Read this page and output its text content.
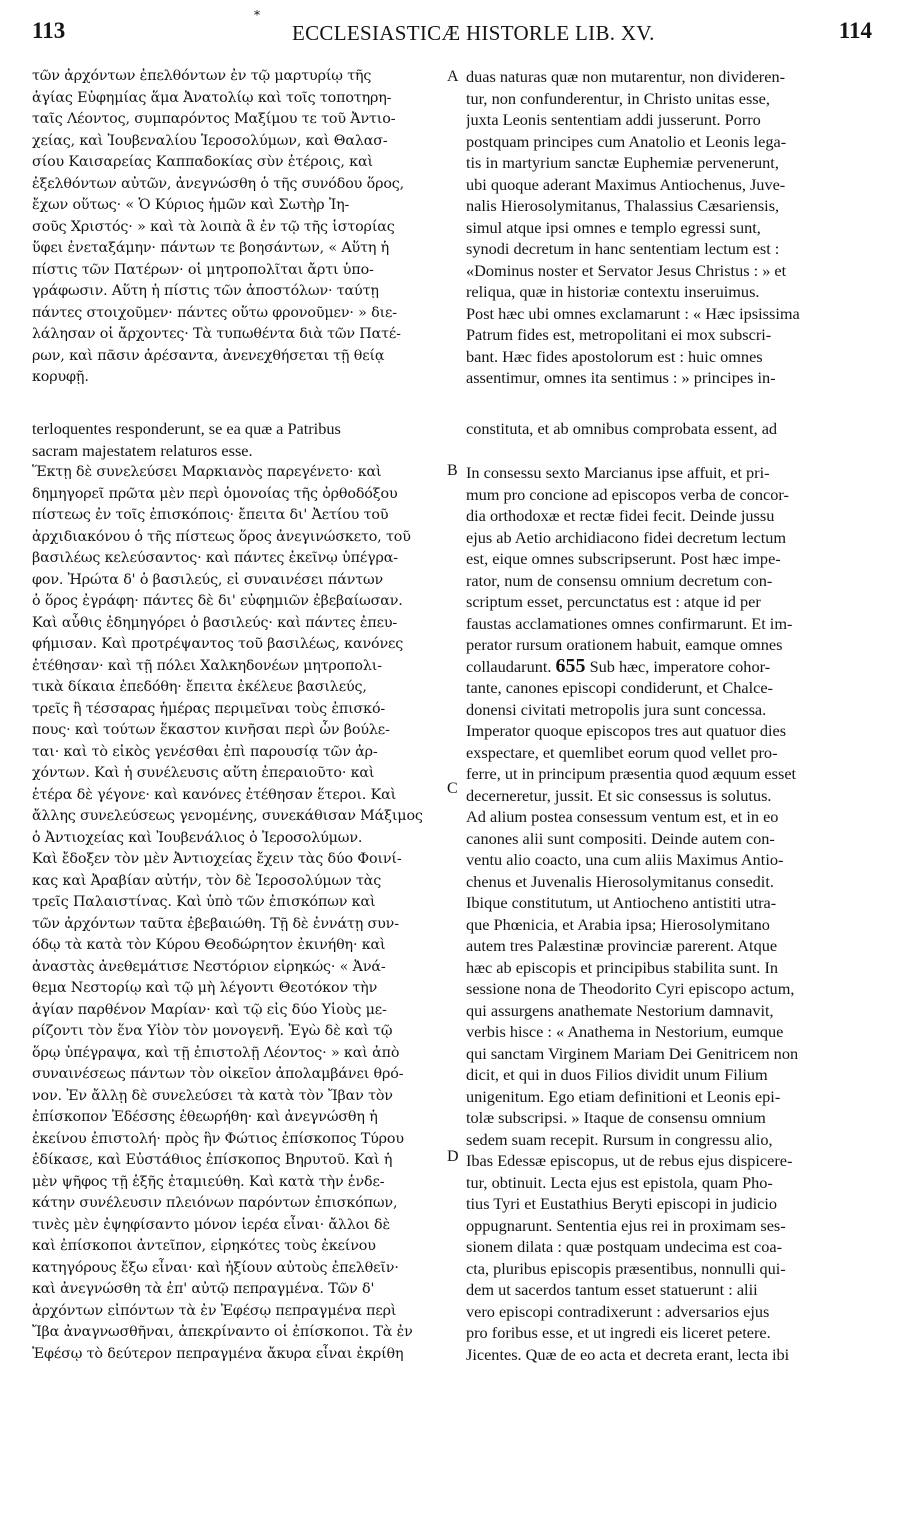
113
*
ECCLESIASTICÆ HISTORLE LIB. XV.	114

τῶν ἀρχόντων ἐπελθόντων ἐν τῷ μαρτυρίῳ τῆς

ἁγίας Εὐφημίας ἅμα Ἀνατολίῳ καὶ τοῖς τοποτηρη-

ταῖς Λέοντος, συμπαρόντος Μαξίμου τε τοῦ Ἀντιο-

χείας, καὶ Ἰουβεναλίου Ἱεροσολύμων, καὶ Θαλασ-

σίου Καισαρείας Καππαδοκίας σὺν ἑτέροις, καὶ

ἐξελθόντων αὐτῶν, ἀνεγνώσθη ὁ τῆς συνόδου ὅρος,

ἔχων οὕτως· « Ὁ Κύριος ἡμῶν καὶ Σωτὴρ Ἰη-

σοῦς Χριστός· » καὶ τὰ λοιπὰ ἃ ἐν τῷ τῆς ἱστορίας

ὕφει ἐνεταξάμην· πάντων τε βοησάντων, « Αὕτη ἡ

πίστις τῶν Πατέρων· οἱ μητροπολῖται ἄρτι ὑπο-

γράφωσιν. Αὕτη ἡ πίστις τῶν ἀποστόλων· ταύτῃ

πάντες στοιχοῦμεν· πάντες οὕτω φρονοῦμεν· » διε-

λάλησαν οἱ ἄρχοντες· Τὰ τυπωθέντα διὰ τῶν Πατέ-

ρων, καὶ πᾶσιν ἀρέσαντα, ἀνενεχθήσεται τῇ θείᾳ

κορυφῇ.

duas naturas quæ non mutarentur, non divideren-

tur, non confunderentur, in Christo unitas esse,

juxta Leonis sententiam addi jusserunt. Porro

postquam principes cum Anatolio et Leonis lega-

tis in martyrium sanctæ Euphemiæ pervenerunt,

ubi quoque aderant Maximus Antiochenus, Juve-

nalis Hierosolymitanus, Thalassius Cæsariensis,

simul atque ipsi omnes e templo egressi sunt,

synodi decretum in hanc sententiam lectum est :

«Dominus noster et Servator Jesus Christus : » et

reliqua, quæ in historiæ contextu inseruimus.

Post hæc ubi omnes exclamarunt : « Hæc ipsissima

Patrum fides est, metropolitani ei mox subscri-

bant. Hæc fides apostolorum est : huic omnes

assentimur, omnes ita sentimus : » principes in-

terloquentes responderunt, se ea quæ a Patribus	constituta, et ab omnibus comprobata essent, ad

sacram majestatem relaturos esse.

Ἕκτῃ δὲ συνελεύσει Μαρκιανὸς παρεγένετο· καὶ

δημηγορεῖ πρῶτα μὲν περὶ ὁμονοίας τῆς ὀρθοδόξου

πίστεως ἐν τοῖς ἐπισκόποις· ἔπειτα δι' Ἀετίου τοῦ

ἀρχιδιακόνου ὁ τῆς πίστεως ὅρος ἀνεγινώσκετο, τοῦ

βασιλέως κελεύσαντος· καὶ πάντες ἐκεῖνῳ ὑπέγρα-

φον. Ἠρώτα δ' ὁ βασιλεύς, εἰ συναινέσει πάντων

ὁ ὅρος ἐγράφη· πάντες δὲ δι' εὐφημιῶν ἐβεβαίωσαν.

Καὶ αὖθις ἐδημηγόρει ὁ βασιλεύς· καὶ πάντες ἐπευ-

φήμισαν. Καὶ προτρέψαντος τοῦ βασιλέως, κανόνες

ἐτέθησαν· καὶ τῇ πόλει Χαλκηδονέων μητροπολι-

τικὰ δίκαια ἐπεδόθη· ἔπειτα ἐκέλευε βασιλεύς,

τρεῖς ἢ τέσσαρας ἡμέρας περιμεῖναι τοὺς ἐπισκό-

πους· καὶ τούτων ἕκαστον κινῆσαι περὶ ὧν βούλε-

ται· καὶ τὸ εἰκὸς γενέσθαι ἐπὶ παρουσίᾳ τῶν ἀρ-

χόντων. Καὶ ἡ συνέλευσις αὕτη ἐπεραιοῦτο· καὶ

ἑτέρα δὲ γέγονε· καὶ κανόνες ἐτέθησαν ἕτεροι. Καὶ

ἄλλης συνελεύσεως γενομένης, συνεκάθισαν Μάξιμος

ὁ Ἀντιοχείας καὶ Ἰουβενάλιος ὁ Ἱεροσολύμων.

Καὶ ἔδοξεν τὸν μὲν Ἀντιοχείας ἔχειν τὰς δύο Φοινί-

κας καὶ Ἀραβίαν αὐτήν, τὸν δὲ Ἱεροσολύμων τὰς

τρεῖς Παλαιστίνας. Καὶ ὑπὸ τῶν ἐπισκόπων καὶ

τῶν ἀρχόντων ταῦτα ἐβεβαιώθη. Τῇ δὲ ἐννάτῃ συν-

όδῳ τὰ κατὰ τὸν Κύρου Θεοδώρητον ἐκινήθη· καὶ

ἀναστὰς ἀνεθεμάτισε Νεστόριον εἰρηκώς· « Ἀνά-

θεμα Νεστορίῳ καὶ τῷ μὴ λέγοντι Θεοτόκον τὴν

ἁγίαν παρθένον Μαρίαν· καὶ τῷ εἰς δύο Υἱοὺς με-

ρίζοντι τὸν ἕνα Υἱὸν τὸν μονογενῆ. Ἐγὼ δὲ καὶ τῷ

ὅρῳ ὑπέγραψα, καὶ τῇ ἐπιστολῇ Λέοντος· » καὶ ἀπὸ

συναινέσεως πάντων τὸν οἰκεῖον ἀπολαμβάνει θρό-

νον. Ἐν ἄλλῃ δὲ συνελεύσει τὰ κατὰ τὸν Ἴβαν τὸν

ἐπίσκοπον Ἐδέσσης ἐθεωρήθη· καὶ ἀνεγνώσθη ἡ

ἐκείνου ἐπιστολή· πρὸς ἣν Φώτιος ἐπίσκοπος Τύρου

ἐδίκασε, καὶ Εὐστάθιος ἐπίσκοπος Βηρυτοῦ. Καὶ ἡ

μὲν ψῆφος τῇ ἑξῆς ἐταμιεύθη. Καὶ κατὰ τὴν ἑνδε-

κάτην συνέλευσιν πλειόνων παρόντων ἐπισκόπων,

τινὲς μὲν ἐψηφίσαντο μόνον ἱερέα εἶναι· ἄλλοι δὲ

καὶ ἐπίσκοποι ἀντεῖπον, εἰρηκότες τοὺς ἐκείνου

κατηγόρους ἔξω εἶναι· καὶ ἠξίουν αὐτοὺς ἐπελθεῖν·

καὶ ἀνεγνώσθη τὰ ἐπ' αὐτῷ πεπραγμένα. Τῶν δ'

ἀρχόντων εἰπόντων τὰ ἐν Ἐφέσῳ πεπραγμένα περὶ

Ἴβα ἀναγνωσθῆναι, ἀπεκρίναντο οἱ ἐπίσκοποι. Τὰ ἐν

Ἐφέσῳ τὸ δεύτερον πεπραγμένα ἄκυρα εἶναι ἐκρίθη

In consessu sexto Marcianus ipse affuit, et pri-

mum pro concione ad episcopos verba de concor-

dia orthodoxæ et rectæ fidei fecit. Deinde jussu

ejus ab Aetio archidiacono fidei decretum lectum

est, eique omnes subscripserunt. Post hæc impe-

rator, num de consensu omnium decretum con-

scriptum esset, percunctatus est : atque id per

faustas acclamationes omnes confirmarunt. Et im-

perator rursum orationem habuit, eamque omnes

collaudarunt. 655 Sub hæc, imperatore cohor-

tante, canones episcopi condiderunt, et Chalce-

donensi civitati metropolis jura sunt concessa.

Imperator quoque episcopos tres aut quatuor dies

exspectare, et quemlibet eorum quod vellet pro-

ferre, ut in principum præsentia quod æquum esset

decerneretur, jussit. Et sic consessus is solutus.

Ad alium postea consessum ventum est, et in eo

canones alii sunt compositi. Deinde autem con-

ventu alio coacto, una cum aliis Maximus Antio-

chenus et Juvenalis Hierosolymitanus consedit.

Ibique constitutum, ut Antiocheno antistiti utra-

que Phœnicia, et Arabia ipsa; Hierosolymitano

autem tres Palæstinæ provinciæ parerent. Atque

hæc ab episcopis et principibus stabilita sunt. In

sessione nona de Theodorito Cyri episcopo actum,

qui assurgens anathemate Nestorium damnavit,

verbis hisce : « Anathema in Nestorium, eumque

qui sanctam Virginem Mariam Dei Genitricem non

dicit, et qui in duos Filios dividit unum Filium

unigenitum. Ego etiam definitioni et Leonis epi-

tolæ subscripsi. » Itaque de consensu omnium

sedem suam recepit. Rursum in congressu alio,

Ibas Edessæ episcopus, ut de rebus ejus dispicere-

tur, obtinuit. Lecta ejus est epistola, quam Pho-

tius Tyri et Eustathius Beryti episcopi in judicio

oppugnarunt. Sententia ejus rei in proximam ses-

sionem dilata : quæ postquam undecima est coa-

cta, pluribus episcopis præsentibus, nonnulli qui-

dem ut sacerdos tantum esset statuerunt : alii

vero episcopi contradixerunt : adversarios ejus

pro foribus esse, et ut ingredi eis liceret petere.

Jicentes. Quæ de eo acta et decreta erant, lecta ibi

A
B
C
D
